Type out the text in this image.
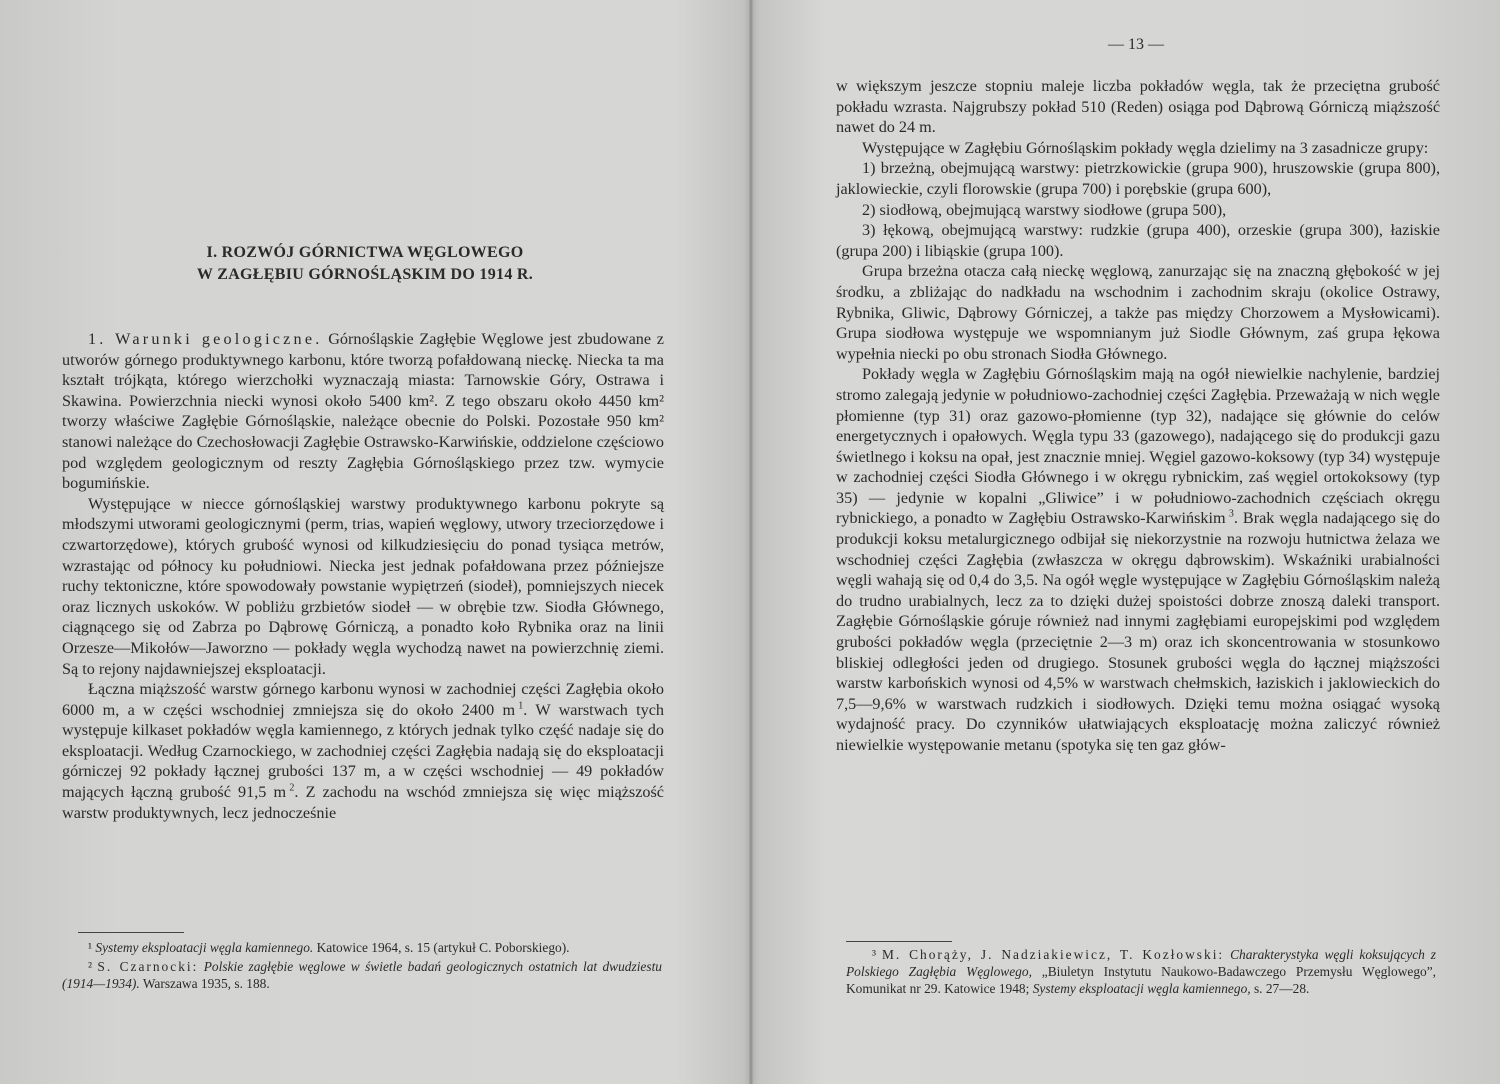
I. ROZWÓJ GÓRNICTWA WĘGLOWEGO
W ZAGŁĘBIU GÓRNOŚLĄSKIM DO 1914 R.

1. Warunki geologiczne. Górnośląskie Zagłębie Węglowe jest zbudowane z utworów górnego produktywnego karbonu, które tworzą pofałdowaną nieckę. Niecka ta ma kształt trójkąta, którego wierzchołki wyznaczają miasta: Tarnowskie Góry, Ostrawa i Skawina. Powierzchnia niecki wynosi około 5400 km². Z tego obszaru około 4450 km² tworzy właściwe Zagłębie Górnośląskie, należące obecnie do Polski. Pozostałe 950 km² stanowi należące do Czechosłowacji Zagłębie Ostrawsko-Karwińskie, oddzielone częściowo pod względem geologicznym od reszty Zagłębia Górnośląskiego przez tzw. wymycie bogumińskie.

Występujące w niecce górnośląskiej warstwy produktywnego karbonu pokryte są młodszymi utworami geologicznymi (perm, trias, wapień węglowy, utwory trzeciorzędowe i czwartorzędowe), których grubość wynosi od kilkudziesięciu do ponad tysiąca metrów, wzrastając od północy ku południowi. Niecka jest jednak pofałdowana przez późniejsze ruchy tektoniczne, które spowodowały powstanie wypiętrzeń (siodeł), pomniejszych niecek oraz licznych uskoków. W pobliżu grzbietów siodeł — w obrębie tzw. Siodła Głównego, ciągnącego się od Zabrza po Dąbrowę Górniczą, a ponadto koło Rybnika oraz na linii Orzesze—Mikołów—Jaworzno — pokłady węgla wychodzą nawet na powierzchnię ziemi. Są to rejony najdawniejszej eksploatacji.

Łączna miąższość warstw górnego karbonu wynosi w zachodniej części Zagłębia około 6000 m, a w części wschodniej zmniejsza się do około 2400 m  $^1$. W warstwach tych występuje kilkaset pokładów węgla kamiennego, z których jednak tylko część nadaje się do eksploatacji. Według Czarnockiego, w zachodniej części Zagłębia nadają się do eksploatacji górniczej 92 pokłady łącznej grubości 137 m, a w części wschodniej — 49 pokładów mających łączną grubość 91,5 m  $^2$. Z zachodu na wschód zmniejsza się więc miąższość warstw produktywnych, lecz jednocześnie

¹ Systemy eksploatacji węgla kamiennego. Katowice 1964, s. 15 (artykuł C. Poborskiego).

² S. Czarnocki: Polskie zagłębie węglowe w świetle badań geologicznych ostatnich lat dwudziestu (1914—1934). Warszawa 1935, s. 188.

— 13 —

w większym jeszcze stopniu maleje liczba pokładów węgla, tak że przeciętna grubość pokładu wzrasta. Najgrubszy pokład 510 (Reden) osiąga pod Dąbrową Górniczą miąższość nawet do 24 m.

Występujące w Zagłębiu Górnośląskim pokłady węgla dzielimy na 3 zasadnicze grupy:

1) brzeżną, obejmującą warstwy: pietrzkowickie (grupa 900), hruszowskie (grupa 800), jaklowieckie, czyli florowskie (grupa 700) i porębskie (grupa 600),

2) siodłową, obejmującą warstwy siodłowe (grupa 500),

3) łękową, obejmującą warstwy: rudzkie (grupa 400), orzeskie (grupa 300), łaziskie (grupa 200) i libiąskie (grupa 100).

Grupa brzeżna otacza całą nieckę węglową, zanurzając się na znaczną głębokość w jej środku, a zbliżając do nadkładu na wschodnim i zachodnim skraju (okolice Ostrawy, Rybnika, Gliwic, Dąbrowy Górniczej, a także pas między Chorzowem a Mysłowicami). Grupa siodłowa występuje we wspomnianym już Siodle Głównym, zaś grupa łękowa wypełnia niecki po obu stronach Siodła Głównego.

Pokłady węgla w Zagłębiu Górnośląskim mają na ogół niewielkie nachylenie, bardziej stromo zalegają jedynie w południowo-zachodniej części Zagłębia. Przeważają w nich węgle płomienne (typ 31) oraz gazowo-płomienne (typ 32), nadające się głównie do celów energetycznych i opałowych. Węgla typu 33 (gazowego), nadającego się do produkcji gazu świetlnego i koksu na opał, jest znacznie mniej. Węgiel gazowo-koksowy (typ 34) występuje w zachodniej części Siodła Głównego i w okręgu rybnickim, zaś węgiel ortokoksowy (typ 35) — jedynie w kopalni „Gliwice” i w południowo-zachodnich częściach okręgu rybnickiego, a ponadto w Zagłębiu Ostrawsko-Karwińskim  $^3$. Brak węgla nadającego się do produkcji koksu metalurgicznego odbijał się niekorzystnie na rozwoju hutnictwa żelaza we wschodniej części Zagłębia (zwłaszcza w okręgu dąbrowskim). Wskaźniki urabialności węgli wahają się od 0,4 do 3,5. Na ogół węgle występujące w Zagłębiu Górnośląskim należą do trudno urabialnych, lecz za to dzięki dużej spoistości dobrze znoszą daleki transport. Zagłębie Górnośląskie góruje również nad innymi zagłębiami europejskimi pod względem grubości pokładów węgla (przeciętnie 2—3 m) oraz ich skoncentrowania w stosunkowo bliskiej odległości jeden od drugiego. Stosunek grubości węgla do łącznej miąższości warstw karbońskich wynosi od 4,5% w warstwach chełmskich, łaziskich i jaklowieckich do 7,5—9,6% w warstwach rudzkich i siodłowych. Dzięki temu można osiągać wysoką wydajność pracy. Do czynników ułatwiających eksploatację można zaliczyć również niewielkie występowanie metanu (spotyka się ten gaz głów-

³ M. Chorąży, J. Nadziakiewicz, T. Kozłowski: Charakterystyka węgli koksujących z Polskiego Zagłębia Węglowego, „Biuletyn Instytutu Naukowo-Badawczego Przemysłu Węglowego”, Komunikat nr 29. Katowice 1948; Systemy eksploatacji węgla kamiennego, s. 27—28.
